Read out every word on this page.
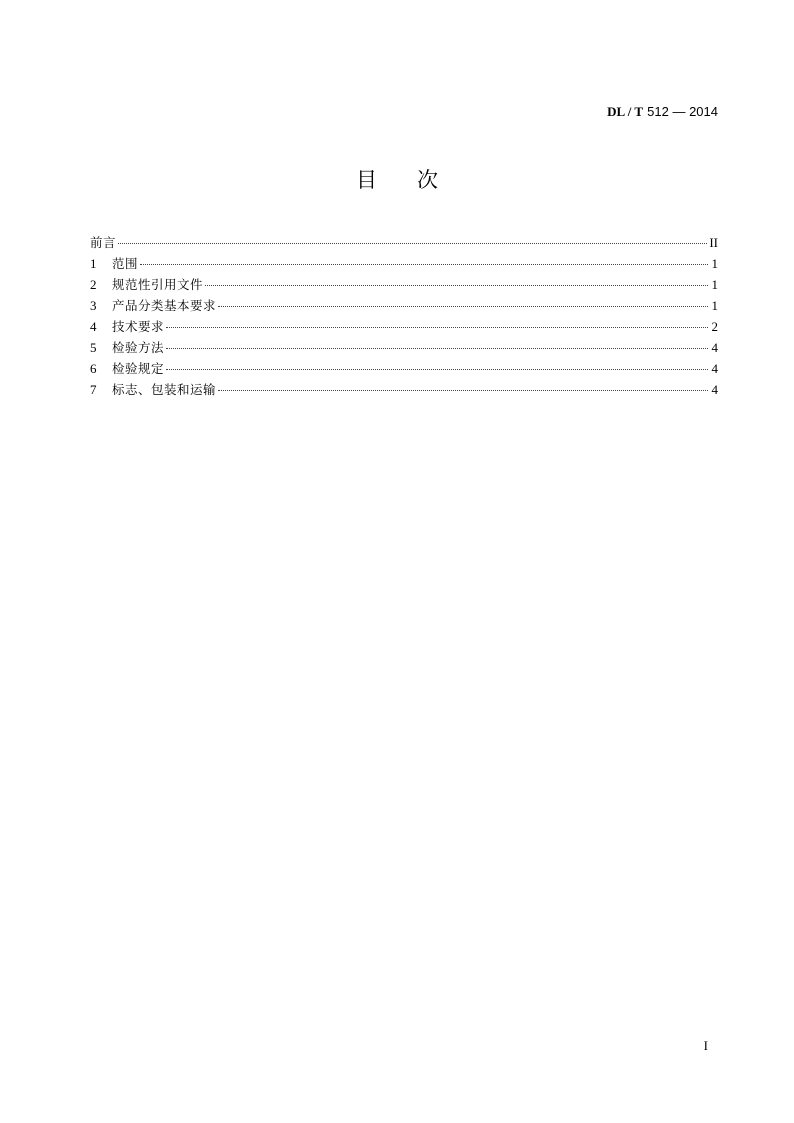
DL / T 512 — 2014
目次
前言	II
1	范围	1
2	规范性引用文件	1
3	产品分类基本要求	1
4	技术要求	2
5	检验方法	4
6	检验规定	4
7	标志、包装和运输	4
I
